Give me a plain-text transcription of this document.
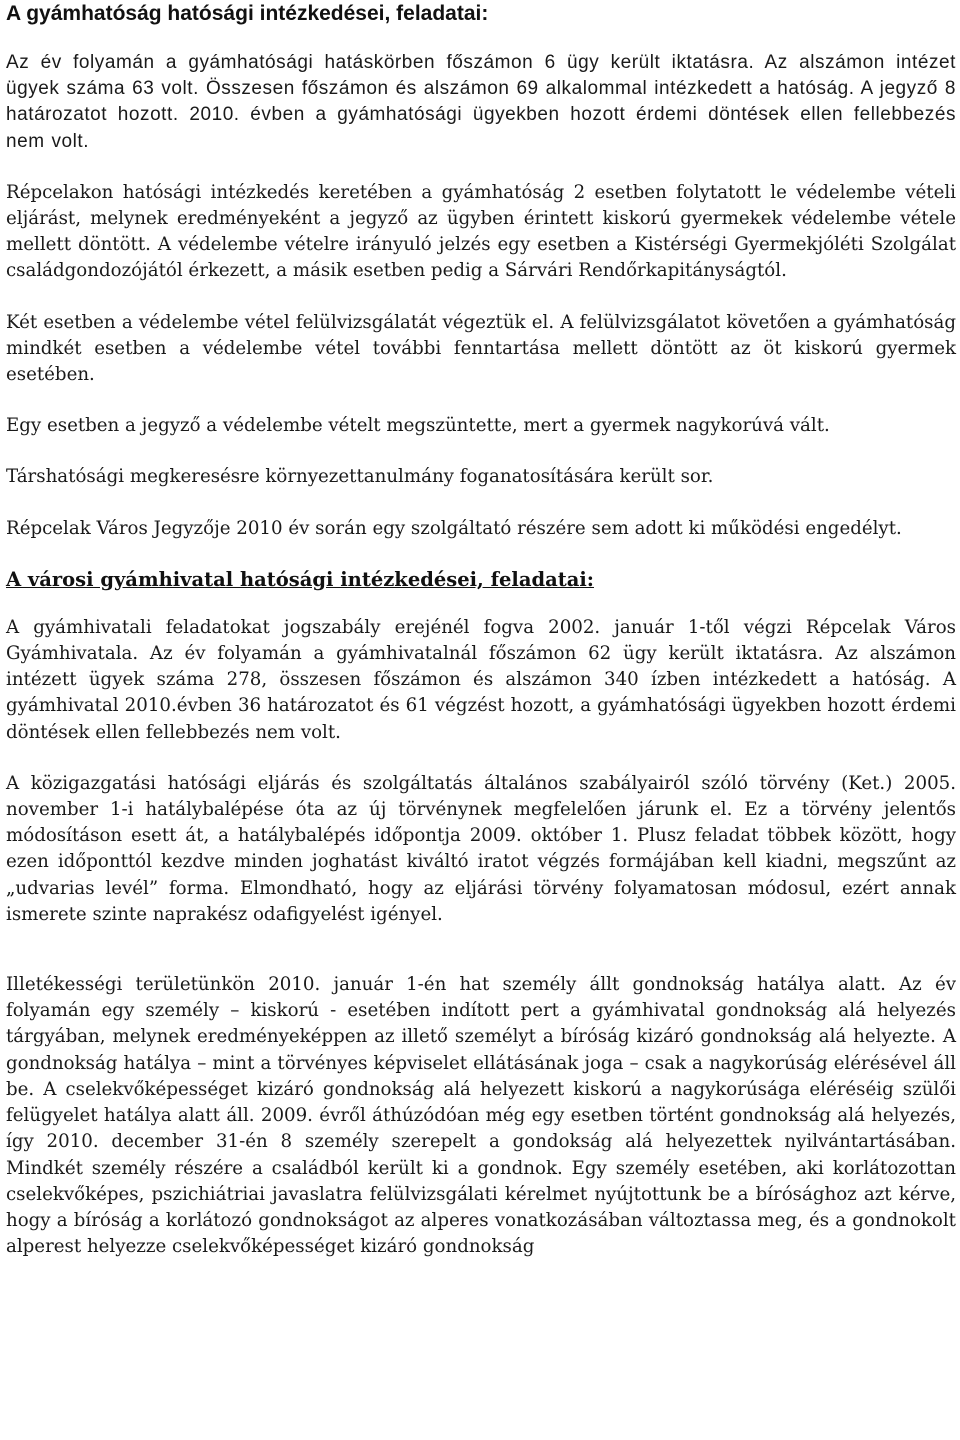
A gyámhatóság hatósági intézkedései, feladatai:
Az év folyamán a gyámhatósági hatáskörben főszámon 6 ügy került iktatásra. Az alszámon intézet ügyek száma 63 volt. Összesen főszámon és alszámon 69 alkalommal intézkedett a hatóság. A jegyző 8 határozatot hozott. 2010. évben a gyámhatósági ügyekben hozott érdemi döntések ellen fellebbezés nem volt.
Répcelakon hatósági intézkedés keretében a gyámhatóság 2 esetben folytatott le védelembe vételi eljárást, melynek eredményeként a jegyző az ügyben érintett kiskorú gyermekek védelembe vétele mellett döntött. A védelembe vételre irányuló jelzés egy esetben a Kistérségi Gyermekjóléti Szolgálat családgondozójától érkezett, a másik esetben pedig a Sárvári Rendőrkapitányságtól.
Két esetben a védelembe vétel felülvizsgálatát végeztük el. A felülvizsgálatot követően a gyámhatóság mindkét esetben a védelembe vétel további fenntartása mellett döntött az öt kiskorú gyermek esetében.
Egy esetben a jegyző a védelembe vételt megszüntette, mert a gyermek nagykorúvá vált.
Társhatósági megkeresésre környezettanulmány foganatosítására került sor.
Répcelak Város Jegyzője 2010 év során egy szolgáltató részére sem adott ki működési engedélyt.
A városi gyámhivatal hatósági intézkedései, feladatai:
A gyámhivatali feladatokat jogszabály erejénél fogva 2002. január 1-től végzi Répcelak Város Gyámhivatala. Az év folyamán a gyámhivatalnál főszámon 62 ügy került iktatásra. Az alszámon intézett ügyek száma 278, összesen főszámon és alszámon 340 ízben intézkedett a hatóság. A gyámhivatal 2010.évben 36 határozatot és 61 végzést hozott, a gyámhatósági ügyekben hozott érdemi döntések ellen fellebbezés nem volt.
A közigazgatási hatósági eljárás és szolgáltatás általános szabályairól szóló törvény (Ket.) 2005. november 1-i hatálybalépése óta az új törvénynek megfelelően járunk el. Ez a törvény jelentős módosításon esett át, a hatálybalépés időpontja 2009. október 1. Plusz feladat többek között, hogy ezen időponttól kezdve minden joghatást kiváltó iratot végzés formájában kell kiadni, megszűnt az „udvarias levél” forma. Elmondható, hogy az eljárási törvény folyamatosan módosul, ezért annak ismerete szinte naprakész odafigyelést igényel.
Illetékességi területünkön 2010. január 1-én hat személy állt gondnokság hatálya alatt. Az év folyamán egy személy – kiskorú - esetében indított pert a gyámhivatal gondnokság alá helyezés tárgyában, melynek eredményeképpen az illető személyt a bíróság kizáró gondnokság alá helyezte. A gondnokság hatálya – mint a törvényes képviselet ellátásának joga – csak a nagykorúság elérésével áll be. A cselekvőképességet kizáró gondnokság alá helyezett kiskorú a nagykorúsága eléréséig szülői felügyelet hatálya alatt áll. 2009. évről áthúzódóan még egy esetben történt gondnokság alá helyezés, így 2010. december 31-én 8 személy szerepelt a gondokság alá helyezettek nyilvántartásában. Mindkét személy részére a családból került ki a gondnok. Egy személy esetében, aki korlátozottan cselekvőképes, pszichiátriai javaslatra felülvizsgálati kérelmet nyújtottunk be a bírósághoz azt kérve, hogy a bíróság a korlátozó gondnokságot az alperes vonatkozásában változtassa meg, és a gondnokolt alperest helyezze cselekvőképességet kizáró gondnokság
